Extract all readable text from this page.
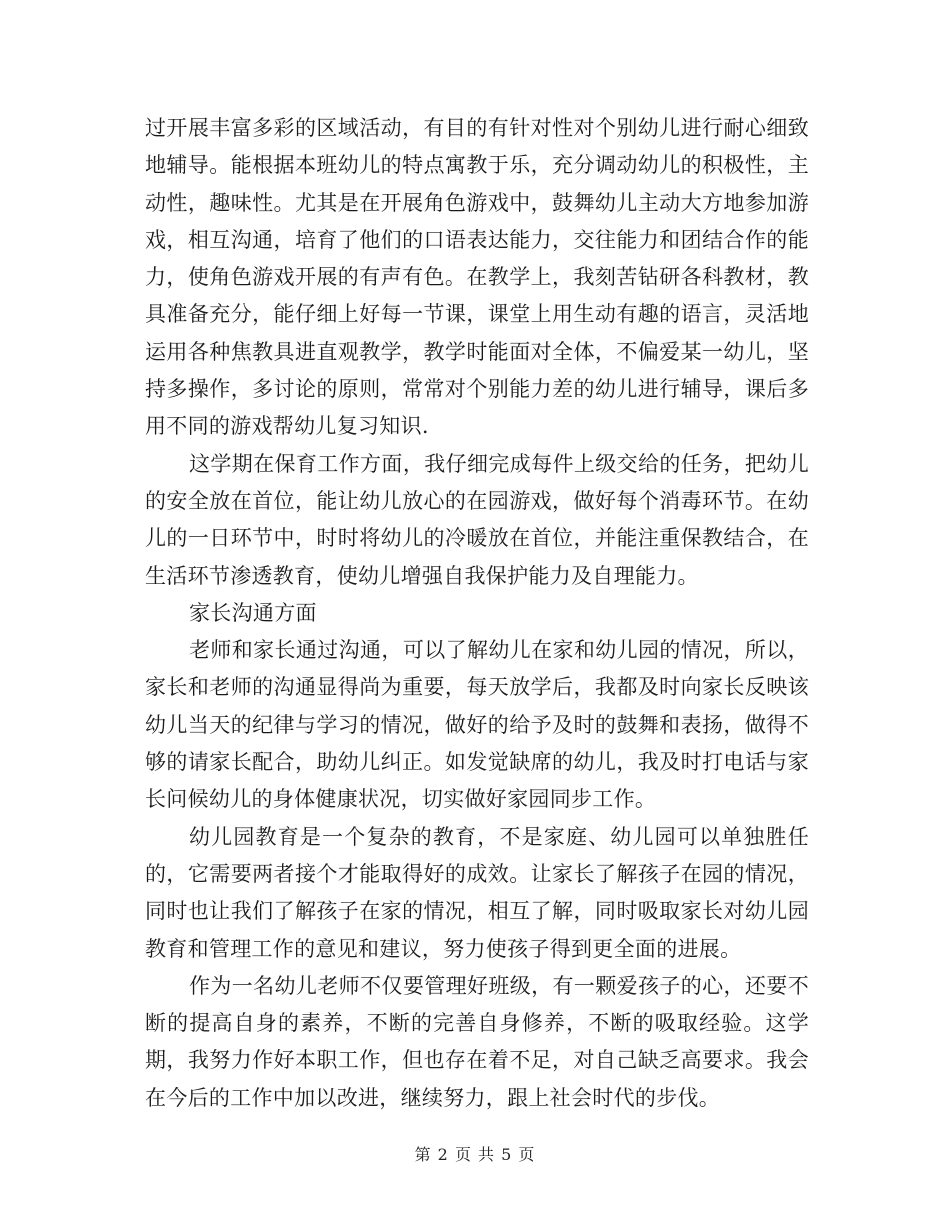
过开展丰富多彩的区域活动，有目的有针对性对个别幼儿进行耐心细致地辅导。能根据本班幼儿的特点寓教于乐，充分调动幼儿的积极性，主动性，趣味性。尤其是在开展角色游戏中，鼓舞幼儿主动大方地参加游戏，相互沟通，培育了他们的口语表达能力，交往能力和团结合作的能力，使角色游戏开展的有声有色。在教学上，我刻苦钻研各科教材，教具准备充分，能仔细上好每一节课，课堂上用生动有趣的语言，灵活地运用各种焦教具进直观教学，教学时能面对全体，不偏爱某一幼儿，坚持多操作，多讨论的原则，常常对个别能力差的幼儿进行辅导，课后多用不同的游戏帮幼儿复习知识.

这学期在保育工作方面，我仔细完成每件上级交给的任务，把幼儿的安全放在首位，能让幼儿放心的在园游戏，做好每个消毒环节。在幼儿的一日环节中，时时将幼儿的冷暖放在首位，并能注重保教结合，在生活环节渗透教育，使幼儿增强自我保护能力及自理能力。

家长沟通方面

老师和家长通过沟通，可以了解幼儿在家和幼儿园的情况，所以，家长和老师的沟通显得尚为重要，每天放学后，我都及时向家长反映该幼儿当天的纪律与学习的情况，做好的给予及时的鼓舞和表扬，做得不够的请家长配合，助幼儿纠正。如发觉缺席的幼儿，我及时打电话与家长问候幼儿的身体健康状况，切实做好家园同步工作。

幼儿园教育是一个复杂的教育，不是家庭、幼儿园可以单独胜任的，它需要两者接个才能取得好的成效。让家长了解孩子在园的情况，同时也让我们了解孩子在家的情况，相互了解，同时吸取家长对幼儿园教育和管理工作的意见和建议，努力使孩子得到更全面的进展。

作为一名幼儿老师不仅要管理好班级，有一颗爱孩子的心，还要不断的提高自身的素养，不断的完善自身修养，不断的吸取经验。这学期，我努力作好本职工作，但也存在着不足，对自己缺乏高要求。我会在今后的工作中加以改进，继续努力，跟上社会时代的步伐。

第 2 页 共 5 页
